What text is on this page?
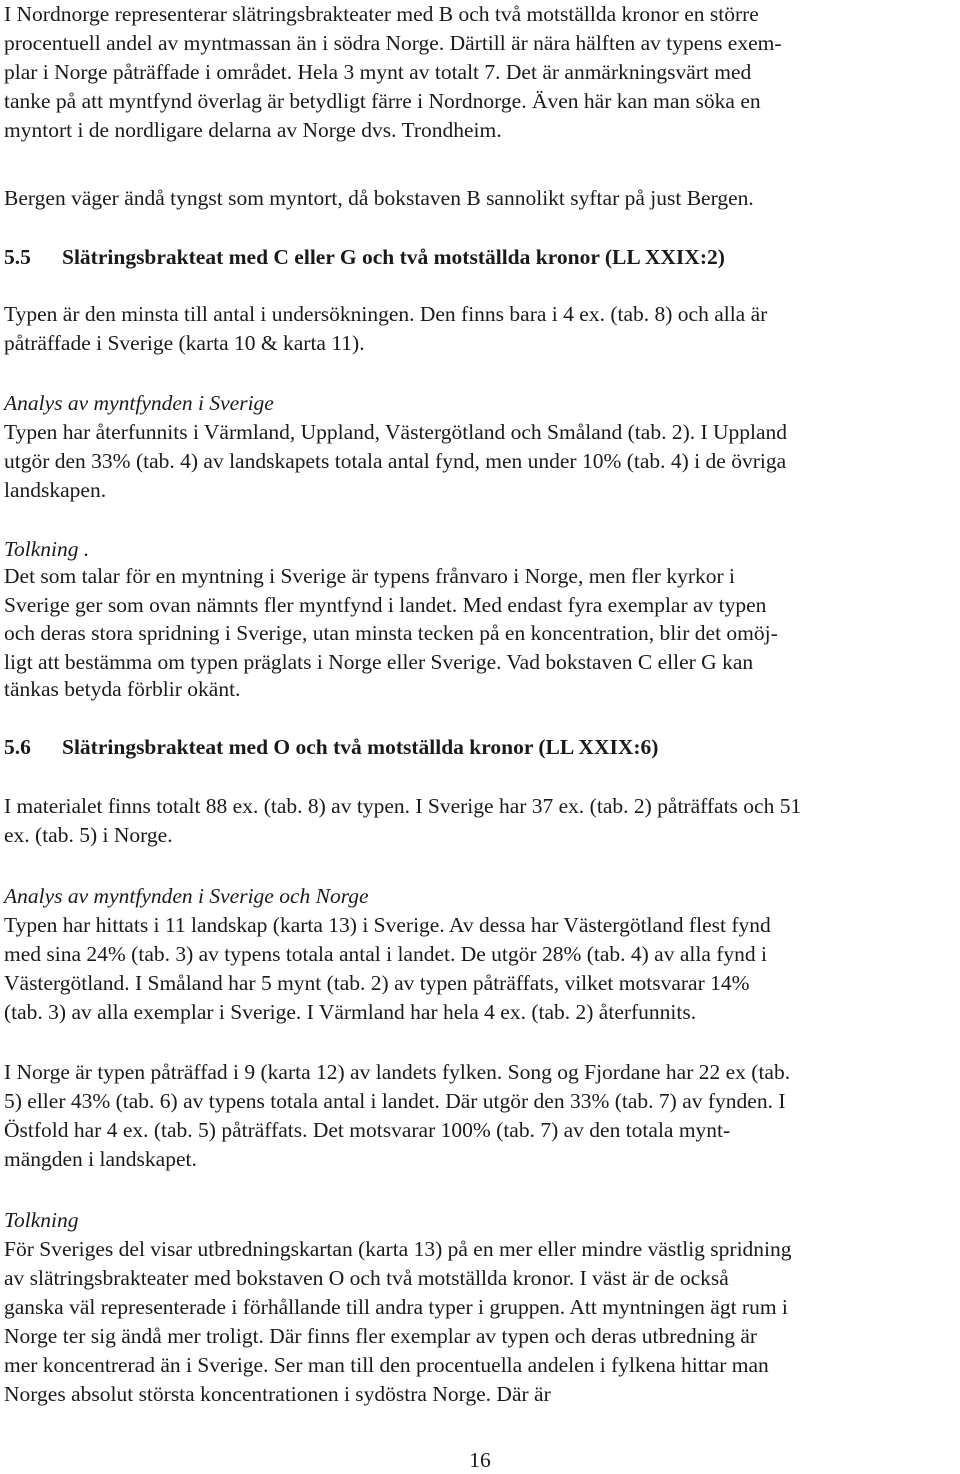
I Nordnorge representerar slätringsbrakteater med B och två motställda kronor en större
procentuell andel av myntmassan än i södra Norge. Därtill är nära hälften av typens exem-
plar i Norge påträffade i området. Hela 3 mynt av totalt 7. Det är anmärkningsvärt med
tanke på att myntfynd överlag är betydligt färre i Nordnorge. Även här kan man söka en
myntort i de nordligare delarna av Norge dvs. Trondheim.
Bergen väger ändå tyngst som myntort, då bokstaven B sannolikt syftar på just Bergen.
5.5 Slätringsbrakteat med C eller G och två motställda kronor (LL XXIX:2)
Typen är den minsta till antal i undersökningen. Den finns bara i 4 ex. (tab. 8) och alla är
påträffade i Sverige (karta 10 & karta 11).
Analys av myntfynden i Sverige
Typen har återfunnits i Värmland, Uppland, Västergötland och Småland (tab. 2). I Uppland
utgör den 33% (tab. 4) av landskapets totala antal fynd, men under 10% (tab. 4) i de övriga
landskapen.
Tolkning .
Det som talar för en myntning i Sverige är typens frånvaro i Norge, men fler kyrkor i
Sverige ger som ovan nämnts fler myntfynd i landet. Med endast fyra exemplar av typen
och deras stora spridning i Sverige, utan minsta tecken på en koncentration, blir det omöj-
ligt att bestämma om typen präglats i Norge eller Sverige. Vad bokstaven C eller G kan
tänkas betyda förblir okänt.
5.6 Slätringsbrakteat med O och två motställda kronor (LL XXIX:6)
I materialet finns totalt 88 ex. (tab. 8) av typen. I Sverige har 37 ex. (tab. 2) påträffats och 51
ex. (tab. 5) i Norge.
Analys av myntfynden i Sverige och Norge
Typen har hittats i 11 landskap (karta 13) i Sverige. Av dessa har Västergötland flest fynd
med sina 24% (tab. 3) av typens totala antal i landet. De utgör 28% (tab. 4) av alla fynd i
Västergötland. I Småland har 5 mynt (tab. 2) av typen påträffats, vilket motsvarar 14%
(tab. 3) av alla exemplar i Sverige. I Värmland har hela 4 ex. (tab. 2) återfunnits.
I Norge är typen påträffad i 9 (karta 12) av landets fylken. Song og Fjordane har 22 ex (tab.
5) eller 43% (tab. 6) av typens totala antal i landet. Där utgör den 33% (tab. 7) av fynden. I
Östfold har 4 ex. (tab. 5) påträffats. Det motsvarar 100% (tab. 7) av den totala mynt-
mängden i landskapet.
Tolkning
För Sveriges del visar utbredningskartan (karta 13) på en mer eller mindre västlig spridning
av slätringsbrakteater med bokstaven O och två motställda kronor. I väst är de också
ganska väl representerade i förhållande till andra typer i gruppen. Att myntningen ägt rum i
Norge ter sig ändå mer troligt. Där finns fler exemplar av typen och deras utbredning är
mer koncentrerad än i Sverige. Ser man till den procentuella andelen i fylkena hittar man
Norges absolut största koncentrationen i sydöstra Norge. Där är
16
